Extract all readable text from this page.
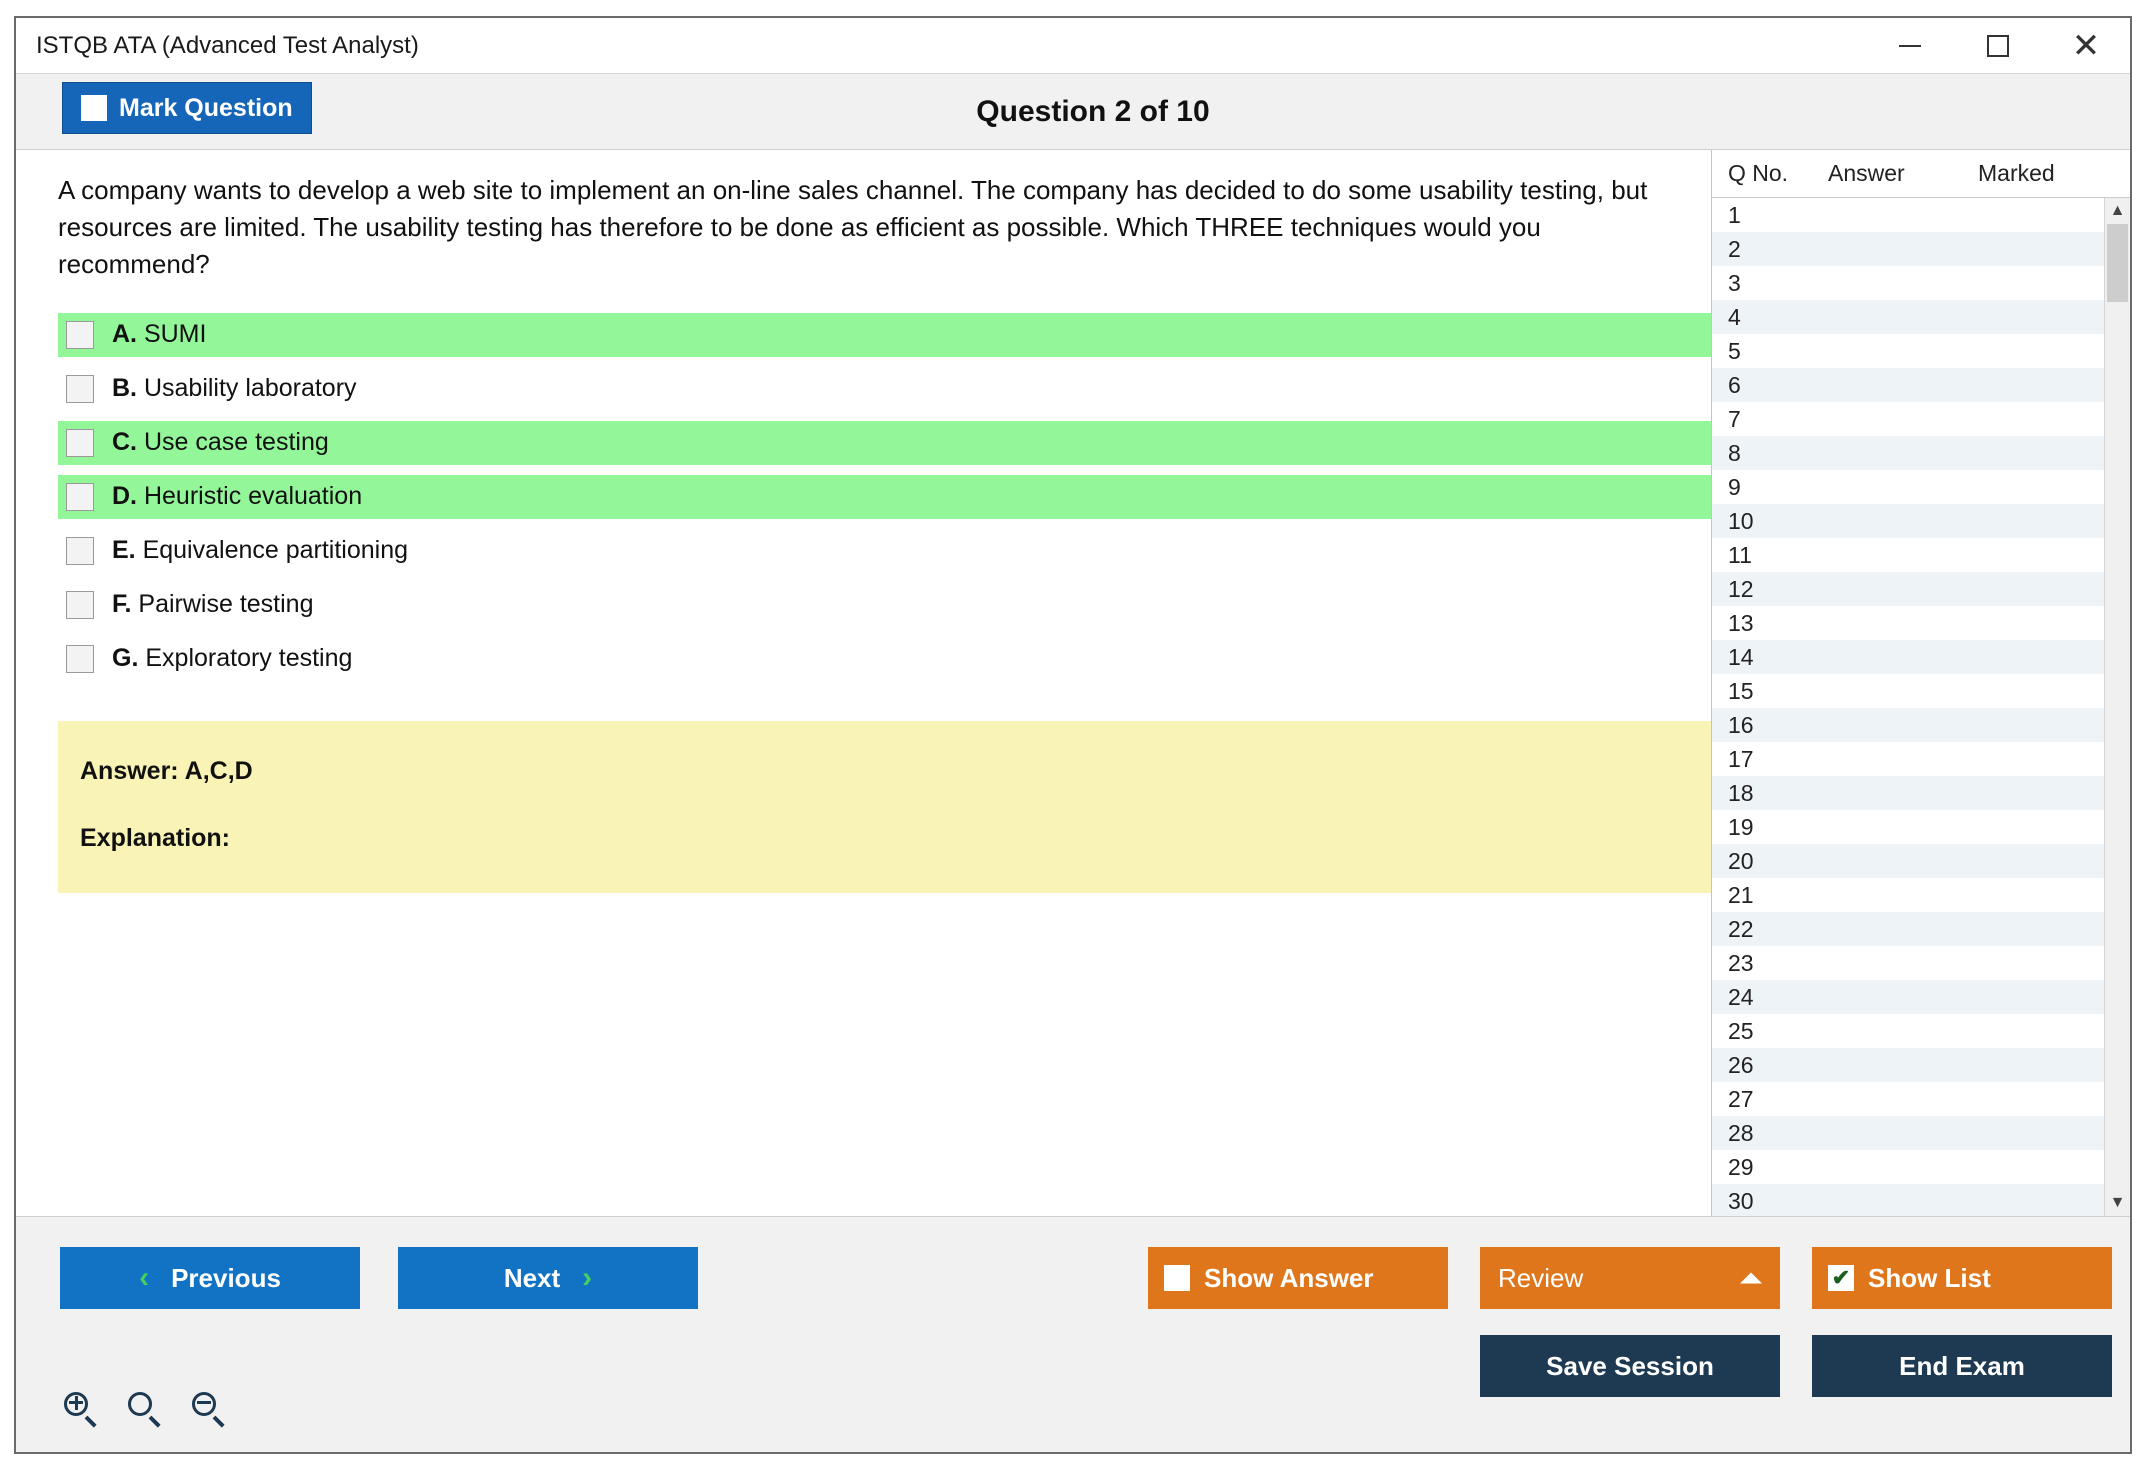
ISTQB ATA (Advanced Test Analyst)	✕
Mark Question	Question 2 of 10
A company wants to develop a web site to implement an on-line sales channel. The company has decided to do some usability testing, but resources are limited. The usability testing has therefore to be done as efficient as possible. Which THREE techniques would you recommend?
A. SUMI
B. Usability laboratory
C. Use case testing
D. Heuristic evaluation
E. Equivalence partitioning
F. Pairwise testing
G. Exploratory testing
Answer: A,C,D
Explanation:
Q No.	Answer	Marked
1
2
3
4
5
6
7
8
9
10
11
12
13
14
15
16
17
18
19
20
21
22
23
24
25
26
27
28
29
30
▲
▼
‹ Previous	Next ›	Show Answer	Review	✔ Show List
Save Session	End Exam
